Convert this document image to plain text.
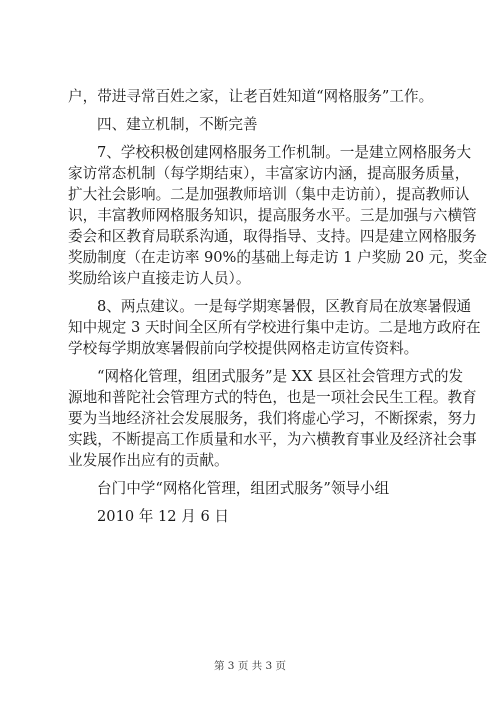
户，带进寻常百姓之家，让老百姓知道“网格服务”工作。
四、建立机制，不断完善
7、学校积极创建网格服务工作机制。一是建立网格服务大
家访常态机制（每学期结束），丰富家访内涵，提高服务质量，
扩大社会影响。二是加强教师培训（集中走访前），提高教师认
识，丰富教师网格服务知识，提高服务水平。三是加强与六横管
委会和区教育局联系沟通，取得指导、支持。四是建立网格服务
奖励制度（在走访率 90%的基础上每走访 1 户奖励 20 元，奖金
奖励给该户直接走访人员）。
8、两点建议。一是每学期寒暑假，区教育局在放寒暑假通
知中规定 3 天时间全区所有学校进行集中走访。二是地方政府在
学校每学期放寒暑假前向学校提供网格走访宣传资料。
“网格化管理，组团式服务”是 XX 县区社会管理方式的发
源地和普陀社会管理方式的特色，也是一项社会民生工程。教育
要为当地经济社会发展服务，我们将虚心学习，不断探索，努力
实践，不断提高工作质量和水平，为六横教育事业及经济社会事
业发展作出应有的贡献。
台门中学“网格化管理，组团式服务”领导小组
2010 年 12 月 6 日
第 3 页 共 3 页
